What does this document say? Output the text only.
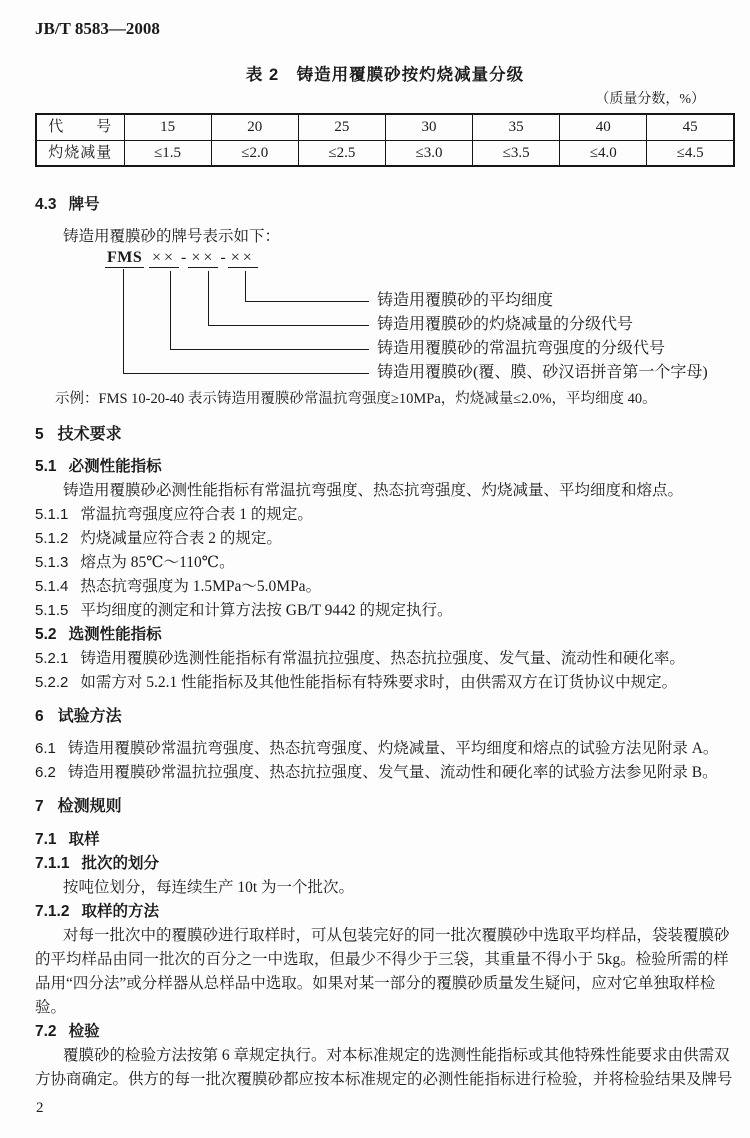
JB/T 8583—2008
表 2　铸造用覆膜砂按灼烧减量分级
（质量分数，%）
代　　号	15	20	25	30	35	40	45
灼烧减量	≤1.5	≤2.0	≤2.5	≤3.0	≤3.5	≤4.0	≤4.5
4.3 牌号
铸造用覆膜砂的牌号表示如下：
FMS ×× - ×× - ××
铸造用覆膜砂的平均细度
铸造用覆膜砂的灼烧减量的分级代号
铸造用覆膜砂的常温抗弯强度的分级代号
铸造用覆膜砂(覆、膜、砂汉语拼音第一个字母)
示例：FMS 10-20-40 表示铸造用覆膜砂常温抗弯强度≥10MPa，灼烧减量≤2.0%，平均细度 40。
5 技术要求
5.1 必测性能指标
铸造用覆膜砂必测性能指标有常温抗弯强度、热态抗弯强度、灼烧减量、平均细度和熔点。
5.1.1 常温抗弯强度应符合表 1 的规定。
5.1.2 灼烧减量应符合表 2 的规定。
5.1.3 熔点为 85℃～110℃。
5.1.4 热态抗弯强度为 1.5MPa～5.0MPa。
5.1.5 平均细度的测定和计算方法按 GB/T 9442 的规定执行。
5.2 选测性能指标
5.2.1 铸造用覆膜砂选测性能指标有常温抗拉强度、热态抗拉强度、发气量、流动性和硬化率。
5.2.2 如需方对 5.2.1 性能指标及其他性能指标有特殊要求时，由供需双方在订货协议中规定。
6 试验方法
6.1 铸造用覆膜砂常温抗弯强度、热态抗弯强度、灼烧减量、平均细度和熔点的试验方法见附录 A。
6.2 铸造用覆膜砂常温抗拉强度、热态抗拉强度、发气量、流动性和硬化率的试验方法参见附录 B。
7 检测规则
7.1 取样
7.1.1 批次的划分
按吨位划分，每连续生产 10t 为一个批次。
7.1.2 取样的方法
对每一批次中的覆膜砂进行取样时，可从包装完好的同一批次覆膜砂中选取平均样品，袋装覆膜砂
的平均样品由同一批次的百分之一中选取，但最少不得少于三袋，其重量不得小于 5kg。检验所需的样
品用“四分法”或分样器从总样品中选取。如果对某一部分的覆膜砂质量发生疑问，应对它单独取样检
验。
7.2 检验
覆膜砂的检验方法按第 6 章规定执行。对本标准规定的选测性能指标或其他特殊性能要求由供需双
方协商确定。供方的每一批次覆膜砂都应按本标准规定的必测性能指标进行检验，并将检验结果及牌号
2
